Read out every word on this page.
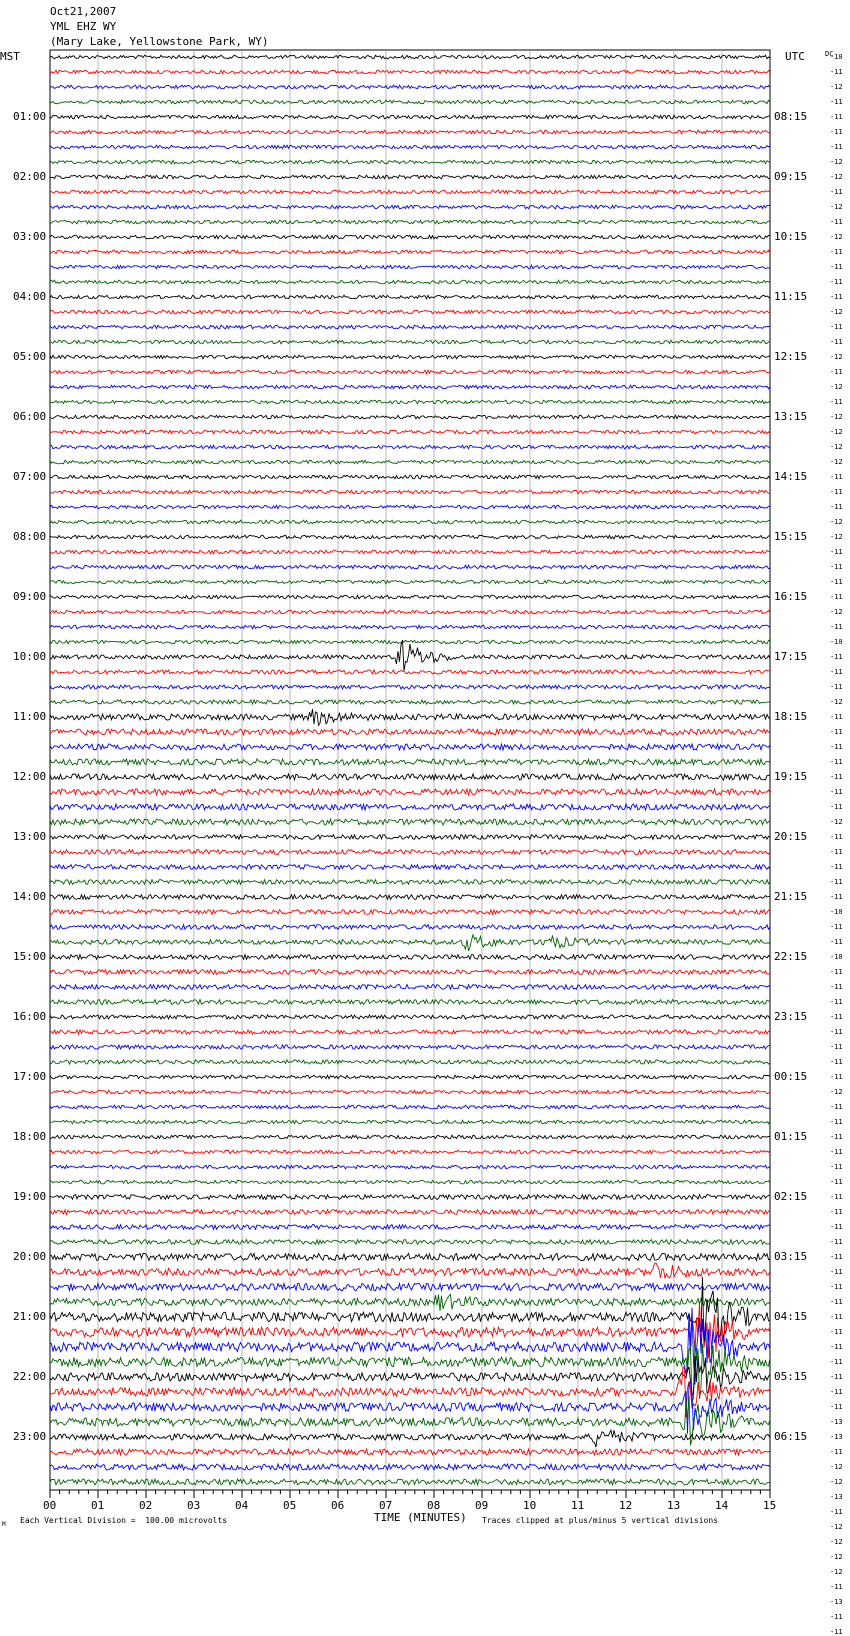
Oct21,2007
YML EHZ WY
(Mary Lake, Yellowstone Park, WY)
MST	UTC	DC
01:00
02:00
03:00
04:00
05:00
06:00
07:00
08:00
09:00
10:00
11:00
12:00
13:00
14:00
15:00
16:00
17:00
18:00
19:00
20:00
21:00
22:00
23:00
08:15
09:15
10:15
11:15
12:15
13:15
14:15
15:15
16:15
17:15
18:15
19:15
20:15
21:15
22:15
23:15
00:15
01:15
02:15
03:15
04:15
05:15
06:15
-10
-11
-12
-11
-11
-11
-11
-12
-12
-11
-12
-11
-12
-11
-11
-11
-11
-12
-11
-11
-12
-11
-12
-11
-12
-12
-12
-12
-11
-11
-11
-12
-12
-11
-11
-11
-11
-12
-11
-10
-11
-11
-11
-12
-11
-11
-11
-11
-11
-11
-11
-12
-11
-11
-11
-11
-11
-10
-11
-11
-10
-11
-11
-11
-11
-11
-11
-11
-11
-12
-11
-11
-11
-11
-11
-11
-11
-11
-11
-11
-11
-11
-11
-11
-11
-11
-11
-11
-11
-11
-11
-13
-13
-11
-12
-12
-13
-11
-12
-12
-12
-12
-11
-13
-11
-11
00	01	02	03	04	05	06	07	08	09	10	11	12	13	14	15
TIME (MINUTES)
Each Vertical Division =  100.00 microvolts	Traces clipped at plus/minus 5 vertical divisions
M
